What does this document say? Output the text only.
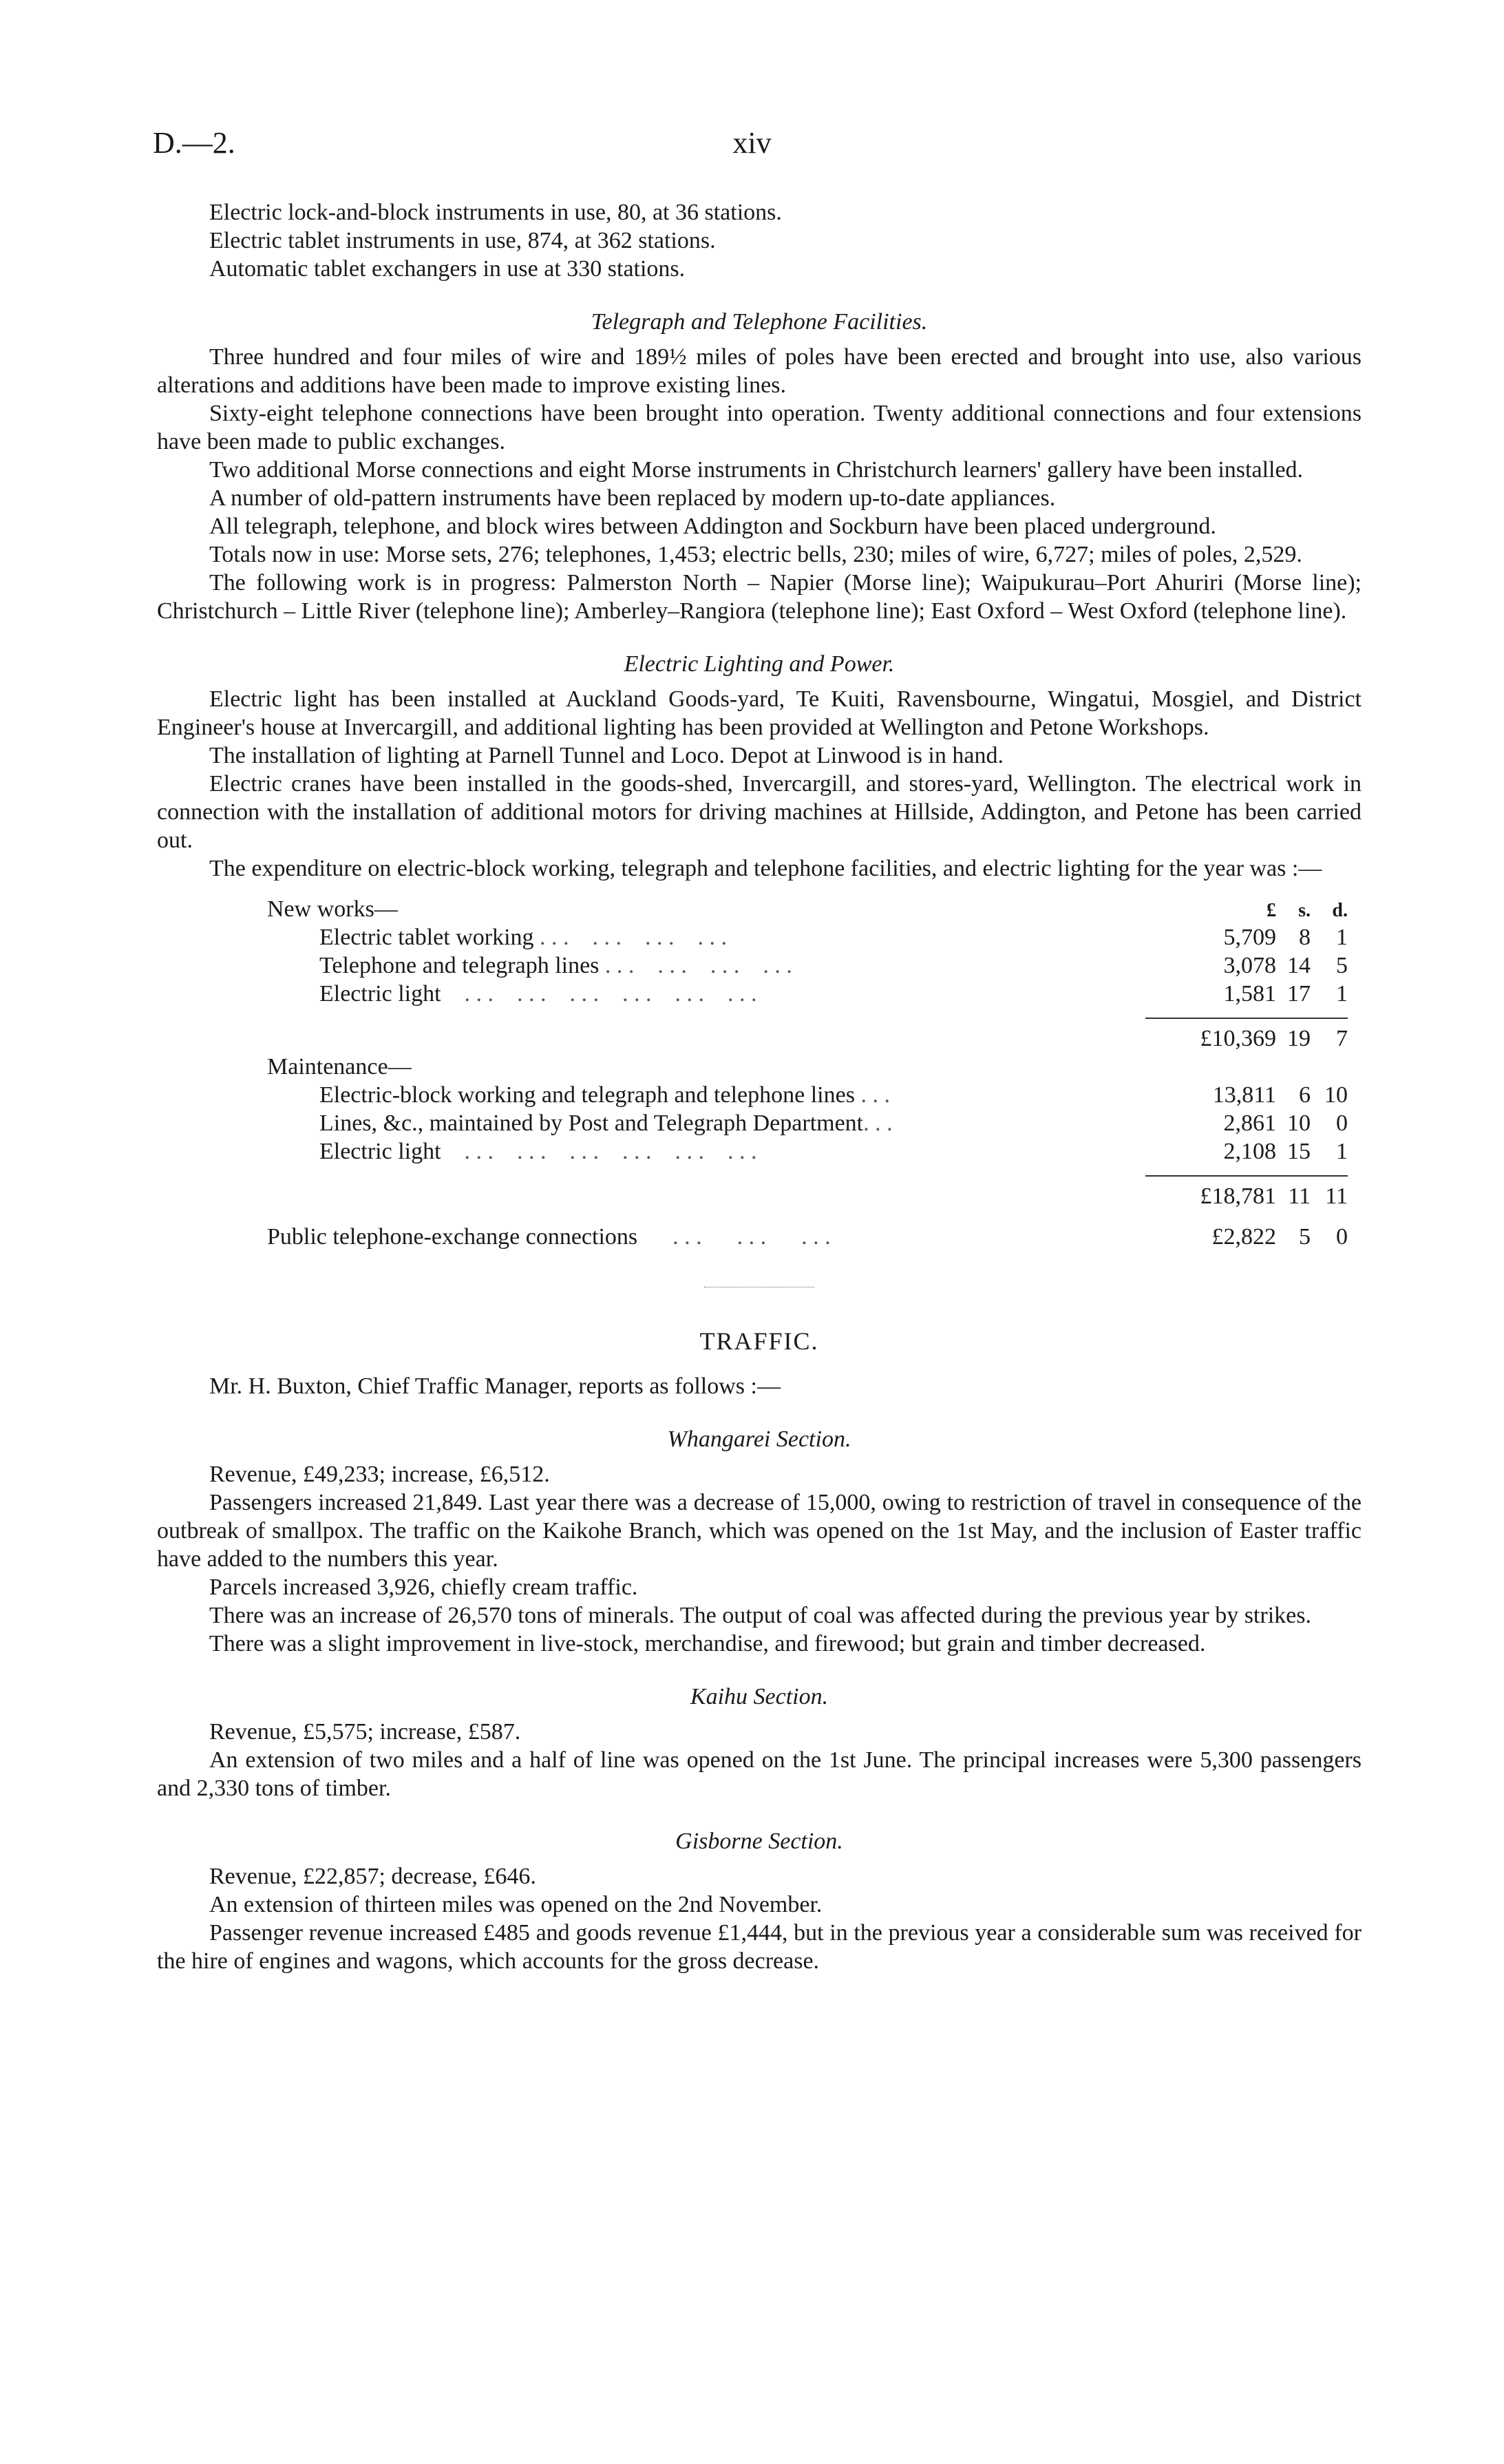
D.—2.	xiv

Electric lock-and-block instruments in use, 80, at 36 stations.

Electric tablet instruments in use, 874, at 362 stations.

Automatic tablet exchangers in use at 330 stations.

Telegraph and Telephone Facilities.

Three hundred and four miles of wire and 189½ miles of poles have been erected and brought into use, also various alterations and additions have been made to improve existing lines.

Sixty-eight telephone connections have been brought into operation. Twenty additional connections and four extensions have been made to public exchanges.

Two additional Morse connections and eight Morse instruments in Christchurch learners' gallery have been installed.

A number of old-pattern instruments have been replaced by modern up-to-date appliances.

All telegraph, telephone, and block wires between Addington and Sockburn have been placed underground.

Totals now in use: Morse sets, 276; telephones, 1,453; electric bells, 230; miles of wire, 6,727; miles of poles, 2,529.

The following work is in progress: Palmerston North – Napier (Morse line); Waipukurau–Port Ahuriri (Morse line); Christchurch – Little River (telephone line); Amberley–Rangiora (telephone line); East Oxford – West Oxford (telephone line).

Electric Lighting and Power.

Electric light has been installed at Auckland Goods-yard, Te Kuiti, Ravensbourne, Wingatui, Mosgiel, and District Engineer's house at Invercargill, and additional lighting has been provided at Wellington and Petone Workshops.

The installation of lighting at Parnell Tunnel and Loco. Depot at Linwood is in hand.

Electric cranes have been installed in the goods-shed, Invercargill, and stores-yard, Wellington. The electrical work in connection with the installation of additional motors for driving machines at Hillside, Addington, and Petone has been carried out.

The expenditure on electric-block working, telegraph and telephone facilities, and electric lighting for the year was :—

New works—	£	s.	d.
Electric tablet working . . .    . . .    . . .    . . .	5,709 8	1
Telephone and telegraph lines . . .    . . .    . . .    . . .	3,078 14	5
Electric light    . . .    . . .    . . .    . . .    . . .    . . .	1,581 17	1
£10,369 19	7
Maintenance—
Electric-block working and telegraph and telephone lines . . .	13,811 6 10
Lines, &c., maintained by Post and Telegraph Department. . .	2,861 10	0
Electric light    . . .    . . .    . . .    . . .    . . .    . . .	2,108 15	1
£18,781 11 11
Public telephone-exchange connections      . . .      . . .      . . .	£2,822 5	0
TRAFFIC.

Mr. H. Buxton, Chief Traffic Manager, reports as follows :—

Whangarei Section.

Revenue, £49,233; increase, £6,512.

Passengers increased 21,849. Last year there was a decrease of 15,000, owing to restriction of travel in consequence of the outbreak of smallpox. The traffic on the Kaikohe Branch, which was opened on the 1st May, and the inclusion of Easter traffic have added to the numbers this year.

Parcels increased 3,926, chiefly cream traffic.

There was an increase of 26,570 tons of minerals. The output of coal was affected during the previous year by strikes.

There was a slight improvement in live-stock, merchandise, and firewood; but grain and timber decreased.

Kaihu Section.

Revenue, £5,575; increase, £587.

An extension of two miles and a half of line was opened on the 1st June. The principal increases were 5,300 passengers and 2,330 tons of timber.

Gisborne Section.

Revenue, £22,857; decrease, £646.

An extension of thirteen miles was opened on the 2nd November.

Passenger revenue increased £485 and goods revenue £1,444, but in the previous year a considerable sum was received for the hire of engines and wagons, which accounts for the gross decrease.
